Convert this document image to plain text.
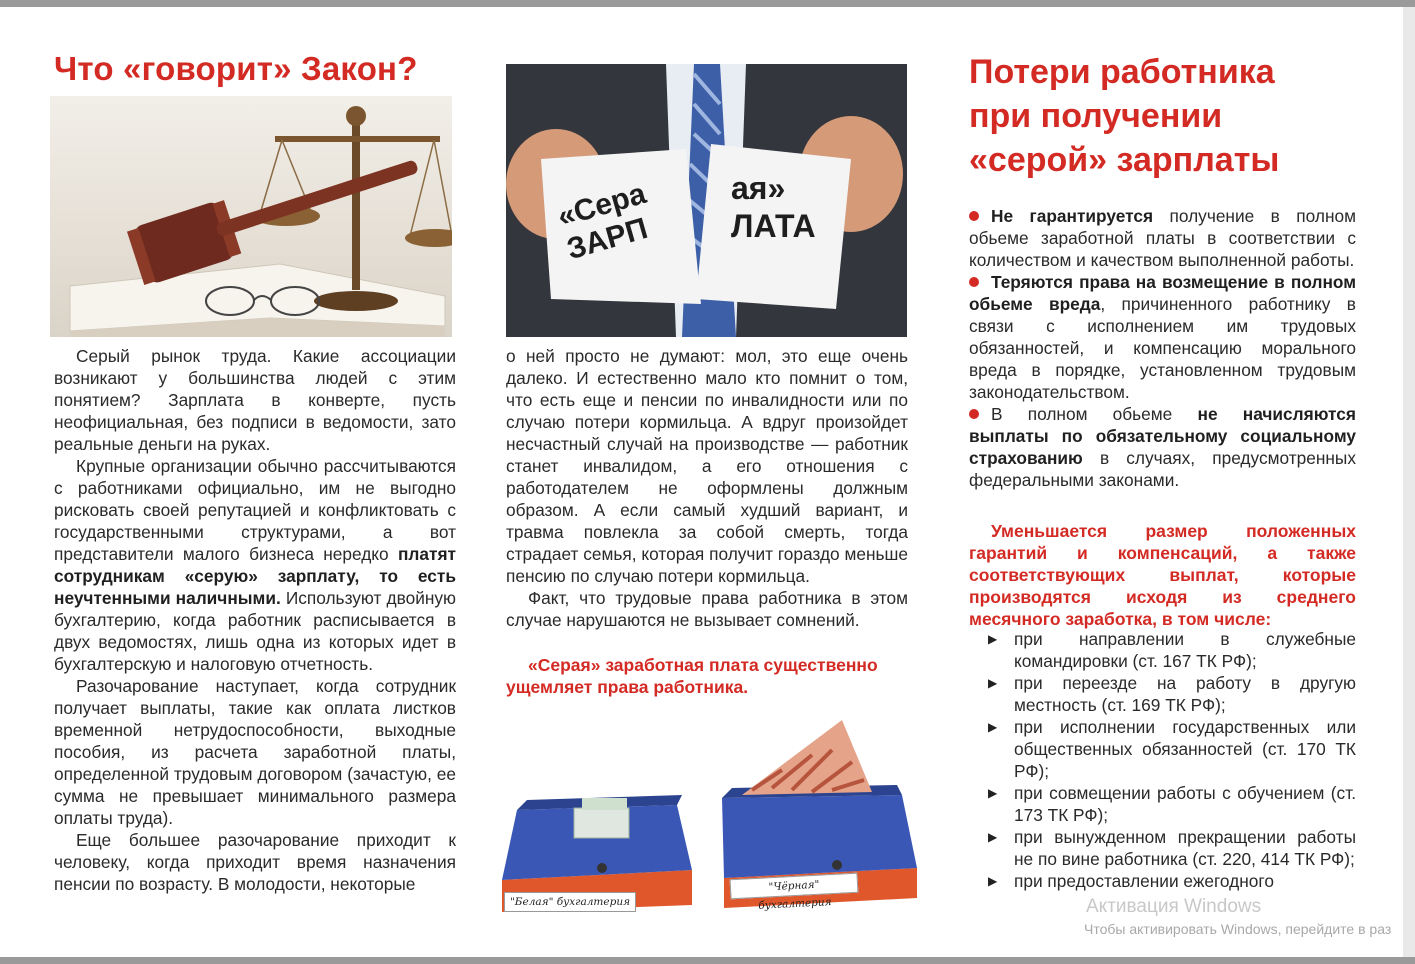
Что «говорит» Закон?

Серый рынок труда. Какие ассоциации возникают у большинства людей с этим понятием? Зарплата в конверте, пусть неофициальная, без подписи в ведомости, зато реальные деньги на руках.

Крупные организации обычно рассчитываются с работниками официально, им не выгодно рисковать своей репутацией и конфликтовать с государственными структурами, а вот представители малого бизнеса нередко платят сотрудникам «серую» зарплату, то есть неучтенными наличными. Используют двойную бухгалтерию, когда работник расписывается в двух ведомостях, лишь одна из которых идет в бухгалтерскую и налоговую отчетность.

Разочарование наступает, когда сотрудник получает выплаты, такие как оплата листков временной нетрудоспособности, выходные пособия, из расчета заработной платы, определенной трудовым договором (зачастую, ее сумма не превышает минимального размера оплаты труда).

Еще большее разочарование приходит к человеку, когда приходит время назначения пенсии по возрасту. В молодости, некоторые

«Сера ЗАРП
ая» ЛАТА

о ней просто не думают: мол, это еще очень далеко. И естественно мало кто помнит о том, что есть еще и пенсии по инвалидности или по случаю потери кормильца. А вдруг произойдет несчастный случай на производстве — работник станет инвалидом, а его отношения с работодателем не оформлены должным образом. А если самый худший вариант, и травма повлекла за собой смерть, тогда страдает семья, которая получит гораздо меньше пенсию по случаю потери кормильца.

Факт, что трудовые права работника в этом случае нарушаются не вызывает сомнений.

«Серая» заработная плата существенно ущемляет права работника.
"Белая" бухгалтерия
"Чёрная" бухгалтерия
Потери работника
при получении
«серой» зарплаты

Не гарантируется получение в полном обьеме заработной платы в соответствии с количеством и качеством выполненной работы.

Теряются права на возмещение в полном обьеме вреда, причиненного работнику в связи с исполнением им трудовых обязанностей, и компенсацию морального вреда в порядке, установленном трудовым законодательством.

В полном обьеме не начисляются выплаты по обязательному социальному страхованию в случаях, предусмотренных федеральными законами.

Уменьшается размер положенных гарантий и компенсаций, а также соответствующих выплат, которые производятся исходя из среднего месячного заработка, в том числе:
▶ при направлении в служебные командировки (ст. 167 ТК РФ);
▶ при переезде на работу в другую местность (ст. 169 ТК РФ);
▶ при исполнении государственных или общественных обязанностей (ст. 170 ТК РФ);
▶ при совмещении работы с обучением (ст. 173 ТК РФ);
▶ при вынужденном прекращении работы не по вине работника (ст. 220, 414 ТК РФ);
▶ при предоставлении ежегодного
Активация Windows
Чтобы активировать Windows, перейдите в раз
